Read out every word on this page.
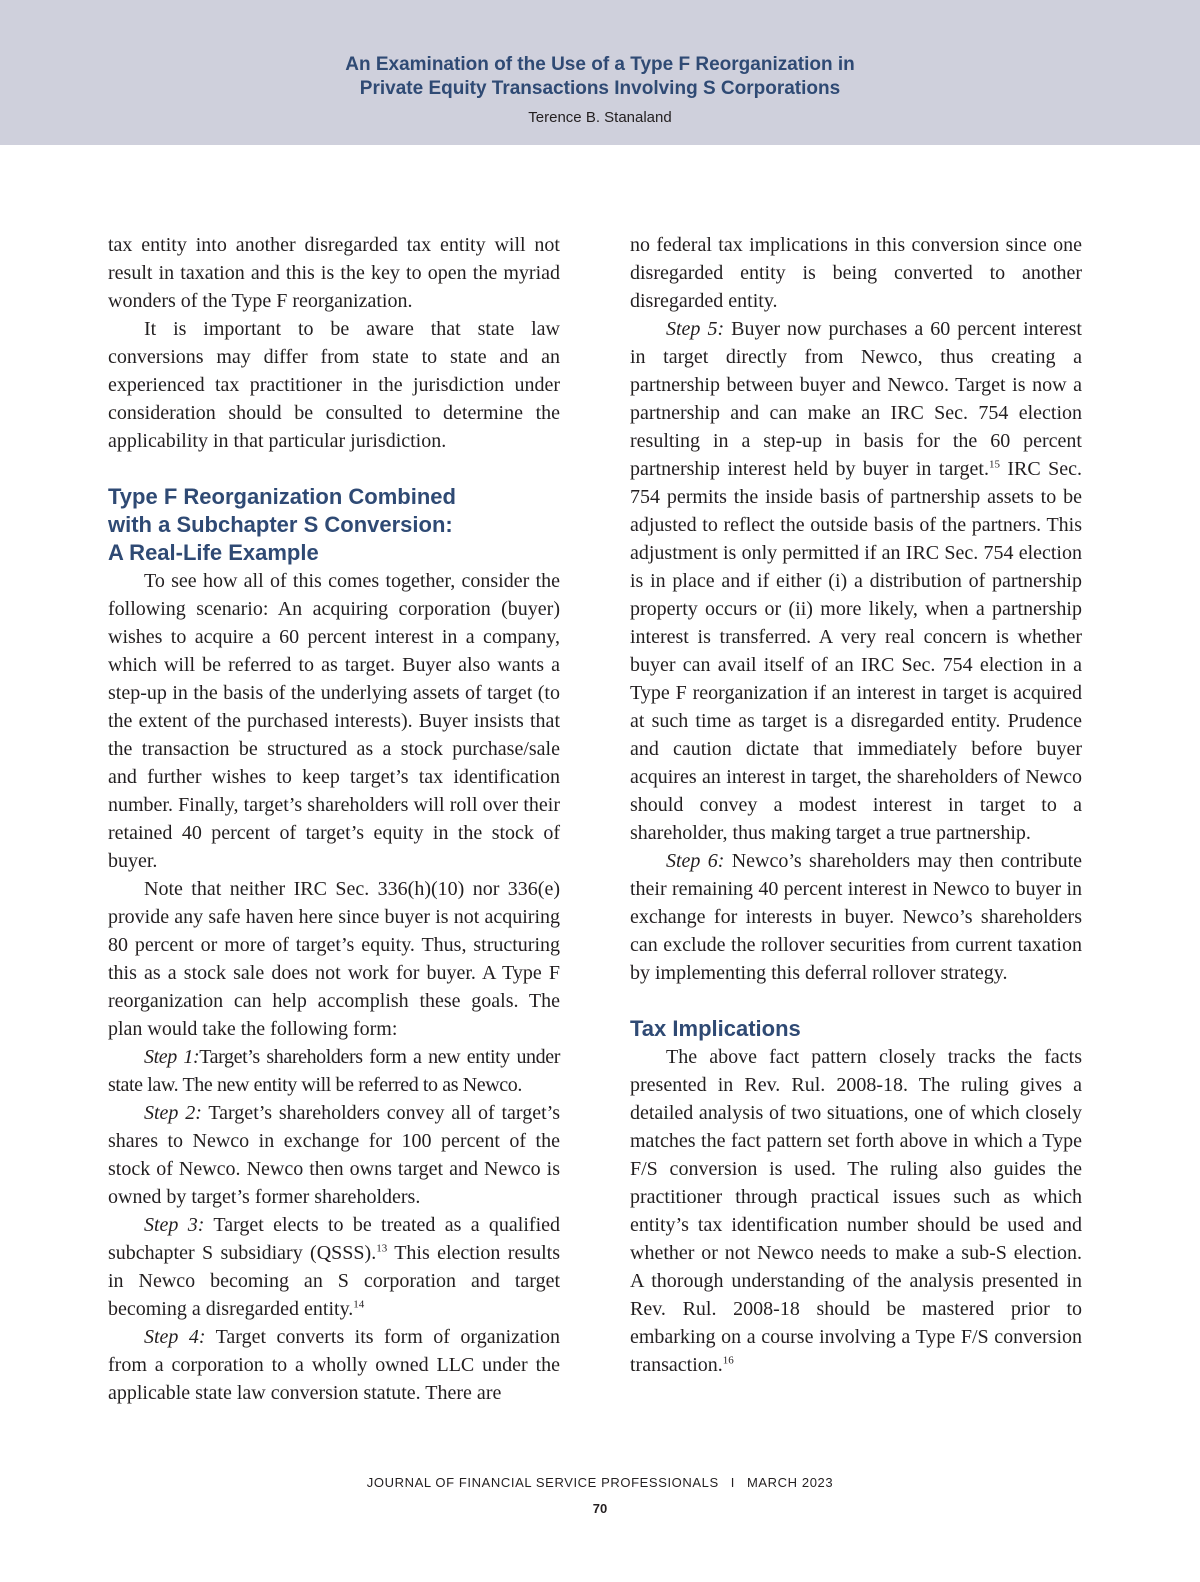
An Examination of the Use of a Type F Reorganization in
Private Equity Transactions Involving S Corporations
Terence B. Stanaland

tax entity into another disregarded tax entity will not result in taxation and this is the key to open the myriad wonders of the Type F reorganization.

It is important to be aware that state law conversions may differ from state to state and an experienced tax practitioner in the jurisdiction under consideration should be consulted to determine the applicability in that particular jurisdiction.

Type F Reorganization Combined
with a Subchapter S Conversion:
A Real-Life Example

To see how all of this comes together, consider the following scenario: An acquiring corporation (buyer) wishes to acquire a 60 percent interest in a company, which will be referred to as target. Buyer also wants a step-up in the basis of the underlying assets of target (to the extent of the purchased interests). Buyer insists that the transaction be structured as a stock purchase/sale and further wishes to keep target’s tax identification number. Finally, target’s shareholders will roll over their retained 40 percent of target’s equity in the stock of buyer.

Note that neither IRC Sec. 336(h)(10) nor 336(e) provide any safe haven here since buyer is not acquiring 80 percent or more of target’s equity. Thus, structuring this as a stock sale does not work for buyer. A Type F reorganization can help accomplish these goals. The plan would take the following form:

Step 1:Target’s shareholders form a new entity under state law. The new entity will be referred to as Newco.

Step 2: Target’s shareholders convey all of target’s shares to Newco in exchange for 100 percent of the stock of Newco. Newco then owns target and Newco is owned by target’s former shareholders.

Step 3: Target elects to be treated as a qualified subchapter S subsidiary (QSSS).$^{13}$ This election results in Newco becoming an S corporation and target becoming a disregarded entity.$^{14}$

Step 4: Target converts its form of organization from a corporation to a wholly owned LLC under the applicable state law conversion statute. There are

no federal tax implications in this conversion since one disregarded entity is being converted to another disregarded entity.

Step 5: Buyer now purchases a 60 percent interest in target directly from Newco, thus creating a partnership between buyer and Newco. Target is now a partnership and can make an IRC Sec. 754 election resulting in a step-up in basis for the 60 percent partnership interest held by buyer in target.$^{15}$ IRC Sec. 754 permits the inside basis of partnership assets to be adjusted to reflect the outside basis of the partners. This adjustment is only permitted if an IRC Sec. 754 election is in place and if either (i) a distribution of partnership property occurs or (ii) more likely, when a partnership interest is transferred. A very real concern is whether buyer can avail itself of an IRC Sec. 754 election in a Type F reorganization if an interest in target is acquired at such time as target is a disregarded entity. Prudence and caution dictate that immediately before buyer acquires an interest in target, the shareholders of Newco should convey a modest interest in target to a shareholder, thus making target a true partnership.

Step 6: Newco’s shareholders may then contribute their remaining 40 percent interest in Newco to buyer in exchange for interests in buyer. Newco’s shareholders can exclude the rollover securities from current taxation by implementing this deferral rollover strategy.

Tax Implications

The above fact pattern closely tracks the facts presented in Rev. Rul. 2008-18. The ruling gives a detailed analysis of two situations, one of which closely matches the fact pattern set forth above in which a Type F/S conversion is used. The ruling also guides the practitioner through practical issues such as which entity’s tax identification number should be used and whether or not Newco needs to make a sub-S election. A thorough understanding of the analysis presented in Rev. Rul. 2008-18 should be mastered prior to embarking on a course involving a Type F/S conversion transaction.$^{16}$

JOURNAL OF FINANCIAL SERVICE PROFESSIONALS I MARCH 2023
70
